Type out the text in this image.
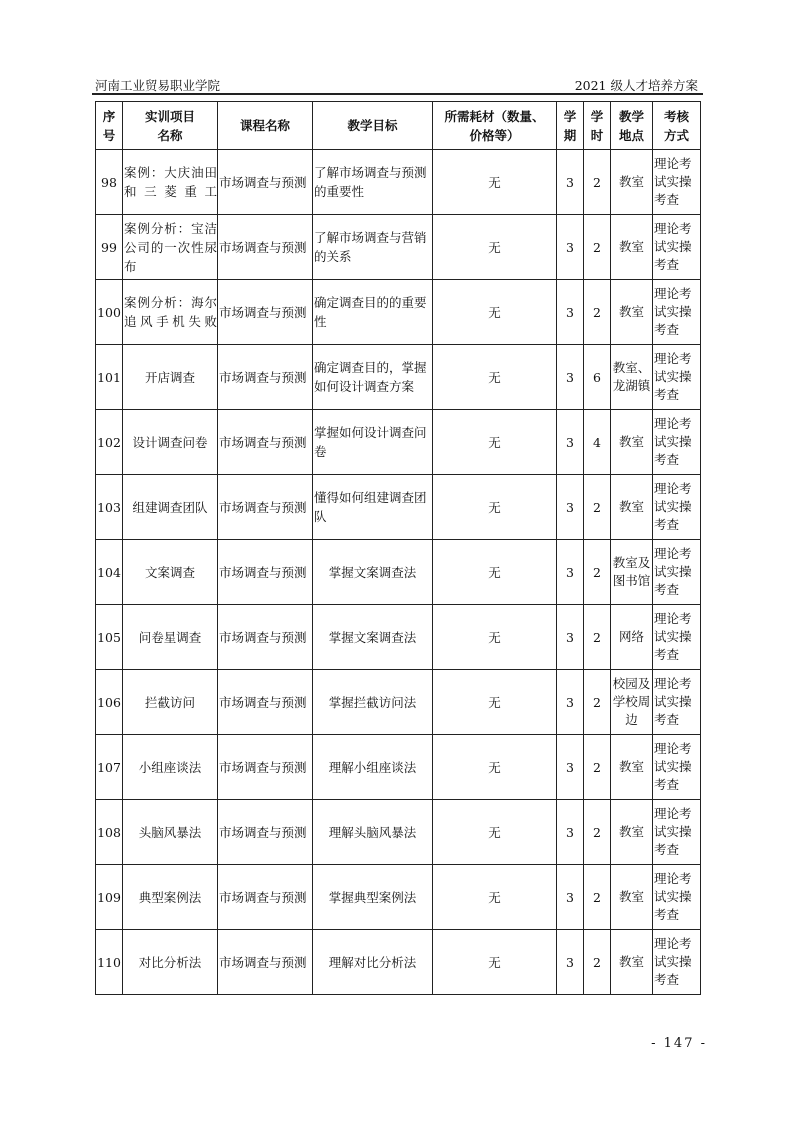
河南工业贸易职业学院	2021 级人才培养方案
序号	实训项目名称	课程名称	教学目标	所需耗材（数量、价格等）	学期	学时	教学地点	考核方式
98	案例：大庆油田和三菱重工	市场调查与预测	了解市场调查与预测的重要性	无	3	2	教室	理论考试实操考查
99	案例分析：宝洁公司的一次性尿布	市场调查与预测	了解市场调查与营销的关系	无	3	2	教室	理论考试实操考查
100	案例分析：海尔追风手机失败	市场调查与预测	确定调查目的的重要性	无	3	2	教室	理论考试实操考查
101	开店调查	市场调查与预测	确定调查目的，掌握如何设计调查方案	无	3	6	教室、龙湖镇	理论考试实操考查
102	设计调查问卷	市场调查与预测	掌握如何设计调查问卷	无	3	4	教室	理论考试实操考查
103	组建调查团队	市场调查与预测	懂得如何组建调查团队	无	3	2	教室	理论考试实操考查
104	文案调查	市场调查与预测	掌握文案调查法	无	3	2	教室及图书馆	理论考试实操考查
105	问卷星调查	市场调查与预测	掌握文案调查法	无	3	2	网络	理论考试实操考查
106	拦截访问	市场调查与预测	掌握拦截访问法	无	3	2	校园及学校周边	理论考试实操考查
107	小组座谈法	市场调查与预测	理解小组座谈法	无	3	2	教室	理论考试实操考查
108	头脑风暴法	市场调查与预测	理解头脑风暴法	无	3	2	教室	理论考试实操考查
109	典型案例法	市场调查与预测	掌握典型案例法	无	3	2	教室	理论考试实操考查
110	对比分析法	市场调查与预测	理解对比分析法	无	3	2	教室	理论考试实操考查
- 147 -
